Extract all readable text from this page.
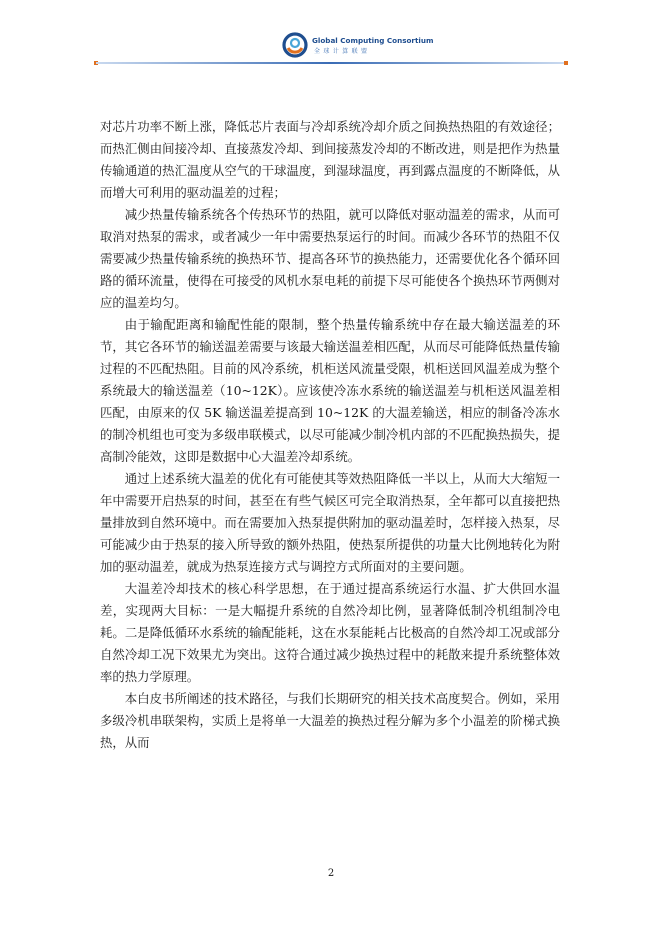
Global Computing Consortium
全球计算联盟

对芯片功率不断上涨，降低芯片表面与冷却系统冷却介质之间换热热阻的有效途径；而热汇侧由间接冷却、直接蒸发冷却、到间接蒸发冷却的不断改进，则是把作为热量传输通道的热汇温度从空气的干球温度，到湿球温度，再到露点温度的不断降低，从而增大可利用的驱动温差的过程；

减少热量传输系统各个传热环节的热阻，就可以降低对驱动温差的需求，从而可取消对热泵的需求，或者减少一年中需要热泵运行的时间。而减少各环节的热阻不仅需要减少热量传输系统的换热环节、提高各环节的换热能力，还需要优化各个循环回路的循环流量，使得在可接受的风机水泵电耗的前提下尽可能使各个换热环节两侧对应的温差均匀。

由于输配距离和输配性能的限制，整个热量传输系统中存在最大输送温差的环节，其它各环节的输送温差需要与该最大输送温差相匹配，从而尽可能降低热量传输过程的不匹配热阻。目前的风冷系统，机柜送风流量受限，机柜送回风温差成为整个系统最大的输送温差（10~12K）。应该使冷冻水系统的输送温差与机柜送风温差相匹配，由原来的仅 5K 输送温差提高到 10~12K 的大温差输送，相应的制备冷冻水的制冷机组也可变为多级串联模式，以尽可能减少制冷机内部的不匹配换热损失，提高制冷能效，这即是数据中心大温差冷却系统。

通过上述系统大温差的优化有可能使其等效热阻降低一半以上，从而大大缩短一年中需要开启热泵的时间，甚至在有些气候区可完全取消热泵，全年都可以直接把热量排放到自然环境中。而在需要加入热泵提供附加的驱动温差时，怎样接入热泵，尽可能减少由于热泵的接入所导致的额外热阻，使热泵所提供的功量大比例地转化为附加的驱动温差，就成为热泵连接方式与调控方式所面对的主要问题。

大温差冷却技术的核心科学思想，在于通过提高系统运行水温、扩大供回水温差，实现两大目标：一是大幅提升系统的自然冷却比例，显著降低制冷机组制冷电耗。二是降低循环水系统的输配能耗，这在水泵能耗占比极高的自然冷却工况或部分自然冷却工况下效果尤为突出。这符合通过减少换热过程中的耗散来提升系统整体效率的热力学原理。

本白皮书所阐述的技术路径，与我们长期研究的相关技术高度契合。例如，采用多级冷机串联架构，实质上是将单一大温差的换热过程分解为多个小温差的阶梯式换热，从而

2
